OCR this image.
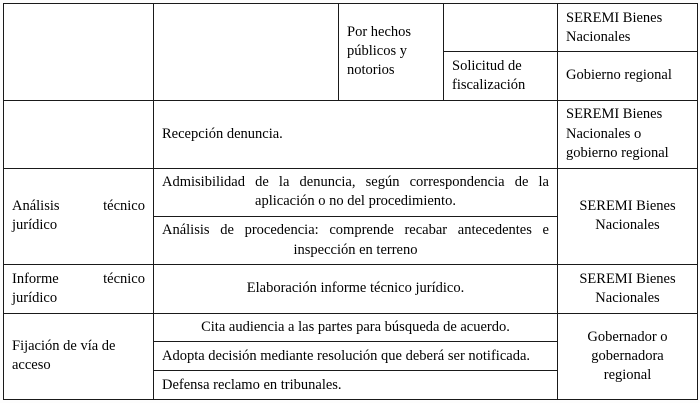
		Por hechos públicos y notorios		SEREMI Bienes Nacionales
			Solicitud de fiscalización	Gobierno regional
	Recepción denuncia.			SEREMI Bienes Nacionales o gobierno regional
Análisis técnico jurídico	Admisibilidad de la denuncia, según correspondencia de la aplicación o no del procedimiento.			SEREMI Bienes Nacionales
	Análisis de procedencia: comprende recabar antecedentes e inspección en terreno			
Informe técnico jurídico	Elaboración informe técnico jurídico.			SEREMI Bienes Nacionales
Fijación de vía de acceso	Cita audiencia a las partes para búsqueda de acuerdo.			Gobernador o gobernadora regional
	Adopta decisión mediante resolución que deberá ser notificada.			
	Defensa reclamo en tribunales.			
